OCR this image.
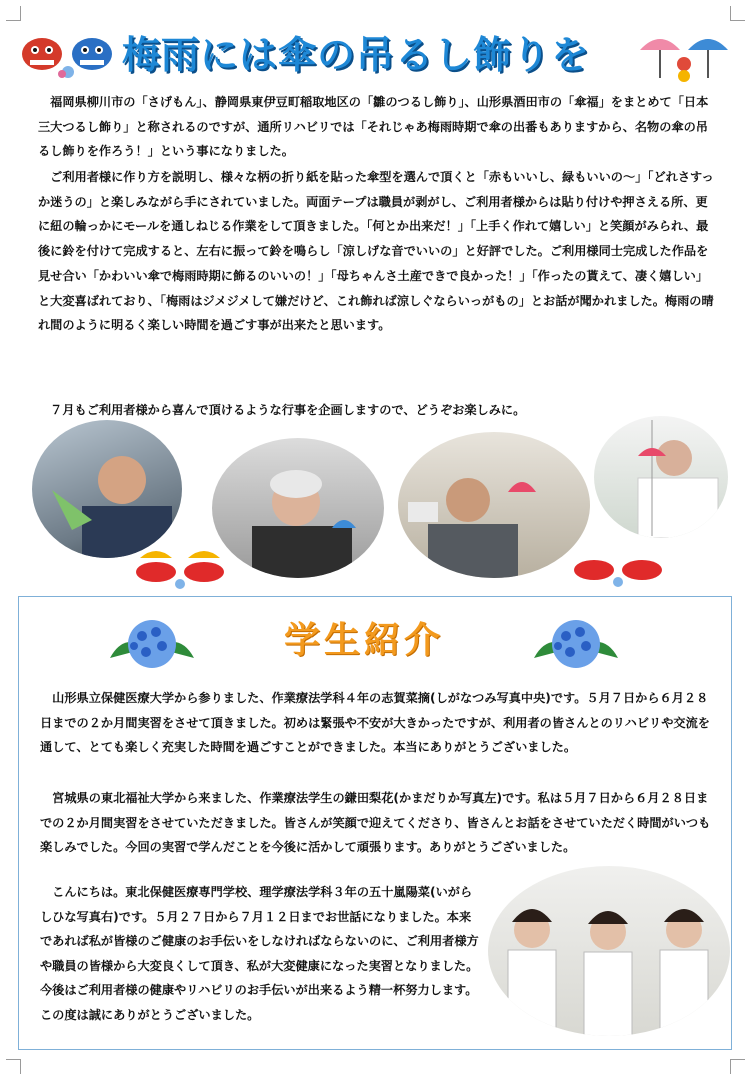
梅雨には傘の吊るし飾りを

　福岡県柳川市の「さげもん」、静岡県東伊豆町稲取地区の「雛のつるし飾り」、山形県酒田市の「傘福」をまとめて「日本三大つるし飾り」と称されるのですが、通所リハビリでは「それじゃあ梅雨時期で傘の出番もありますから、名物の傘の吊るし飾りを作ろう！」という事になりました。

　ご利用者様に作り方を説明し、様々な柄の折り紙を貼った傘型を選んで頂くと「赤もいいし、緑もいいの～」「どれさすっか迷うの」と楽しみながら手にされていました。両面テープは職員が剥がし、ご利用者様からは貼り付けや押さえる所、更に紐の輪っかにモールを通しねじる作業をして頂きました。「何とか出来だ！」「上手く作れて嬉しい」と笑顔がみられ、最後に鈴を付けて完成すると、左右に振って鈴を鳴らし「涼しげな音でいいの」と好評でした。ご利用様同士完成した作品を見せ合い「かわいい傘で梅雨時期に飾るのいいの！」「母ちゃんさ土産できで良かった！」「作ったの貰えて、凄く嬉しい」と大変喜ばれており、「梅雨はジメジメして嫌だけど、これ飾れば涼しぐならいっがもの」とお話が聞かれました。梅雨の晴れ間のように明るく楽しい時間を過ごす事が出来たと思います。

　７月もご利用者様から喜んで頂けるような行事を企画しますので、どうぞお楽しみに。

学生紹介

　山形県立保健医療大学から参りました、作業療法学科４年の志賀菜摘(しがなつみ写真中央)です。５月７日から６月２８日までの２か月間実習をさせて頂きました。初めは緊張や不安が大きかったですが、利用者の皆さんとのリハビリや交流を通して、とても楽しく充実した時間を過ごすことができました。本当にありがとうございました。

　宮城県の東北福祉大学から来ました、作業療法学生の鎌田梨花(かまだりか写真左)です。私は５月７日から６月２８日までの２か月間実習をさせていただきました。皆さんが笑顔で迎えてくださり、皆さんとお話をさせていただく時間がいつも楽しみでした。今回の実習で学んだことを今後に活かして頑張ります。ありがとうございました。

　こんにちは。東北保健医療専門学校、理学療法学科３年の五十嵐陽菜(いがらしひな写真右)です。５月２７日から７月１２日までお世話になりました。本来であれば私が皆様のご健康のお手伝いをしなければならないのに、ご利用者様方や職員の皆様から大変良くして頂き、私が大変健康になった実習となりました。今後はご利用者様の健康やリハビリのお手伝いが出来るよう精一杯努力します。この度は誠にありがとうございました。
